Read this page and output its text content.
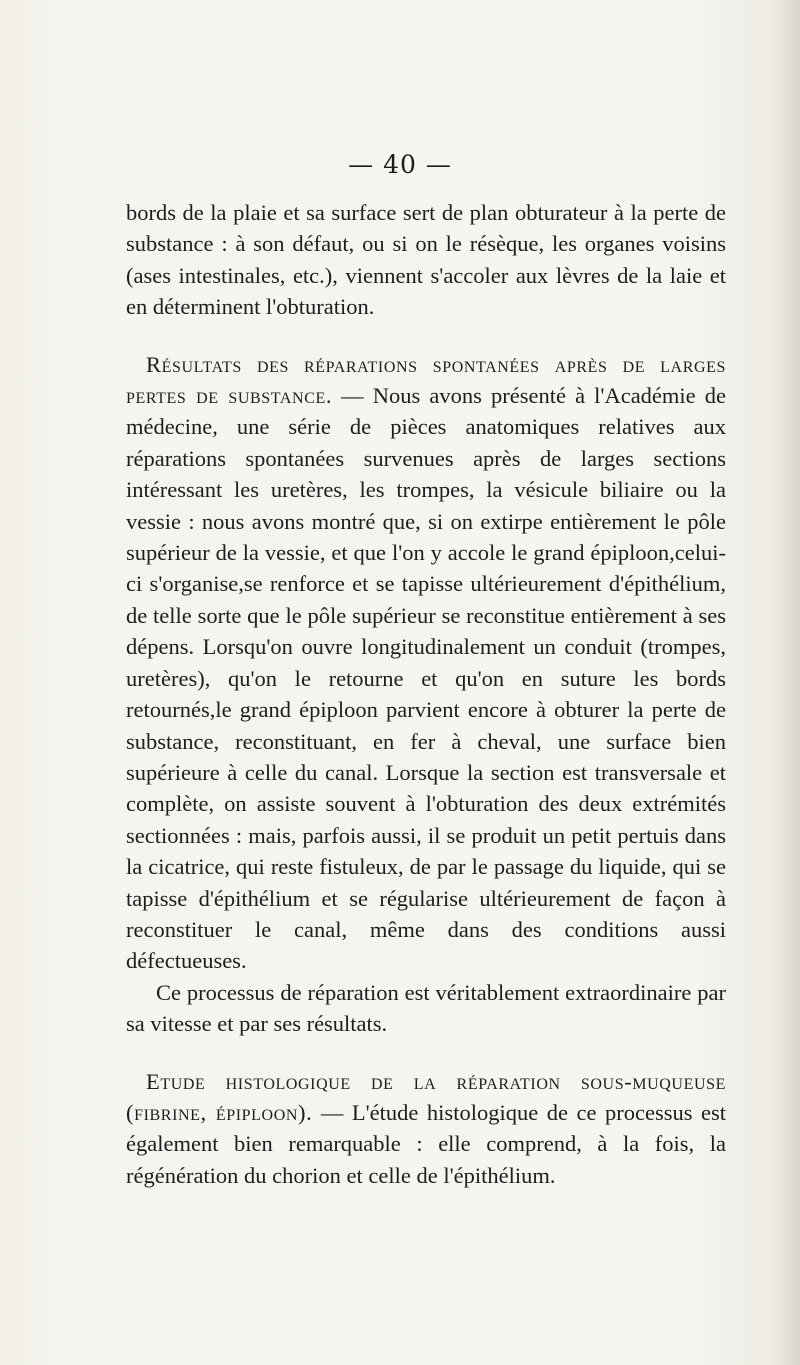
— 40 —

bords de la plaie et sa surface sert de plan obturateur à la perte de substance : à son défaut, ou si on le résèque, les organes voisins (ases intestinales, etc.), viennent s'accoler aux lèvres de la laie et en déterminent l'obturation.

Résultats des réparations spontanées après de larges pertes de substance. — Nous avons présenté à l'Académie de médecine, une série de pièces anatomiques relatives aux réparations spontanées survenues après de larges sections intéressant les uretères, les trompes, la vésicule biliaire ou la vessie : nous avons montré que, si on extirpe entièrement le pôle supérieur de la vessie, et que l'on y accole le grand épiploon,celui-ci s'organise,se renforce et se tapisse ultérieurement d'épithélium, de telle sorte que le pôle supérieur se reconstitue entièrement à ses dépens. Lorsqu'on ouvre longitudinalement un conduit (trompes, uretères), qu'on le retourne et qu'on en suture les bords retournés,le grand épiploon parvient encore à obturer la perte de substance, reconstituant, en fer à cheval, une surface bien supérieure à celle du canal. Lorsque la section est transversale et complète, on assiste souvent à l'obturation des deux extrémités sectionnées : mais, parfois aussi, il se produit un petit pertuis dans la cicatrice, qui reste fistuleux, de par le passage du liquide, qui se tapisse d'épithélium et se régularise ultérieurement de façon à reconstituer le canal, même dans des conditions aussi défectueuses.

Ce processus de réparation est véritablement extraordinaire par sa vitesse et par ses résultats.

Etude histologique de la réparation sous-muqueuse (fibrine, épiploon). — L'étude histologique de ce processus est également bien remarquable : elle comprend, à la fois, la régénération du chorion et celle de l'épithélium.
